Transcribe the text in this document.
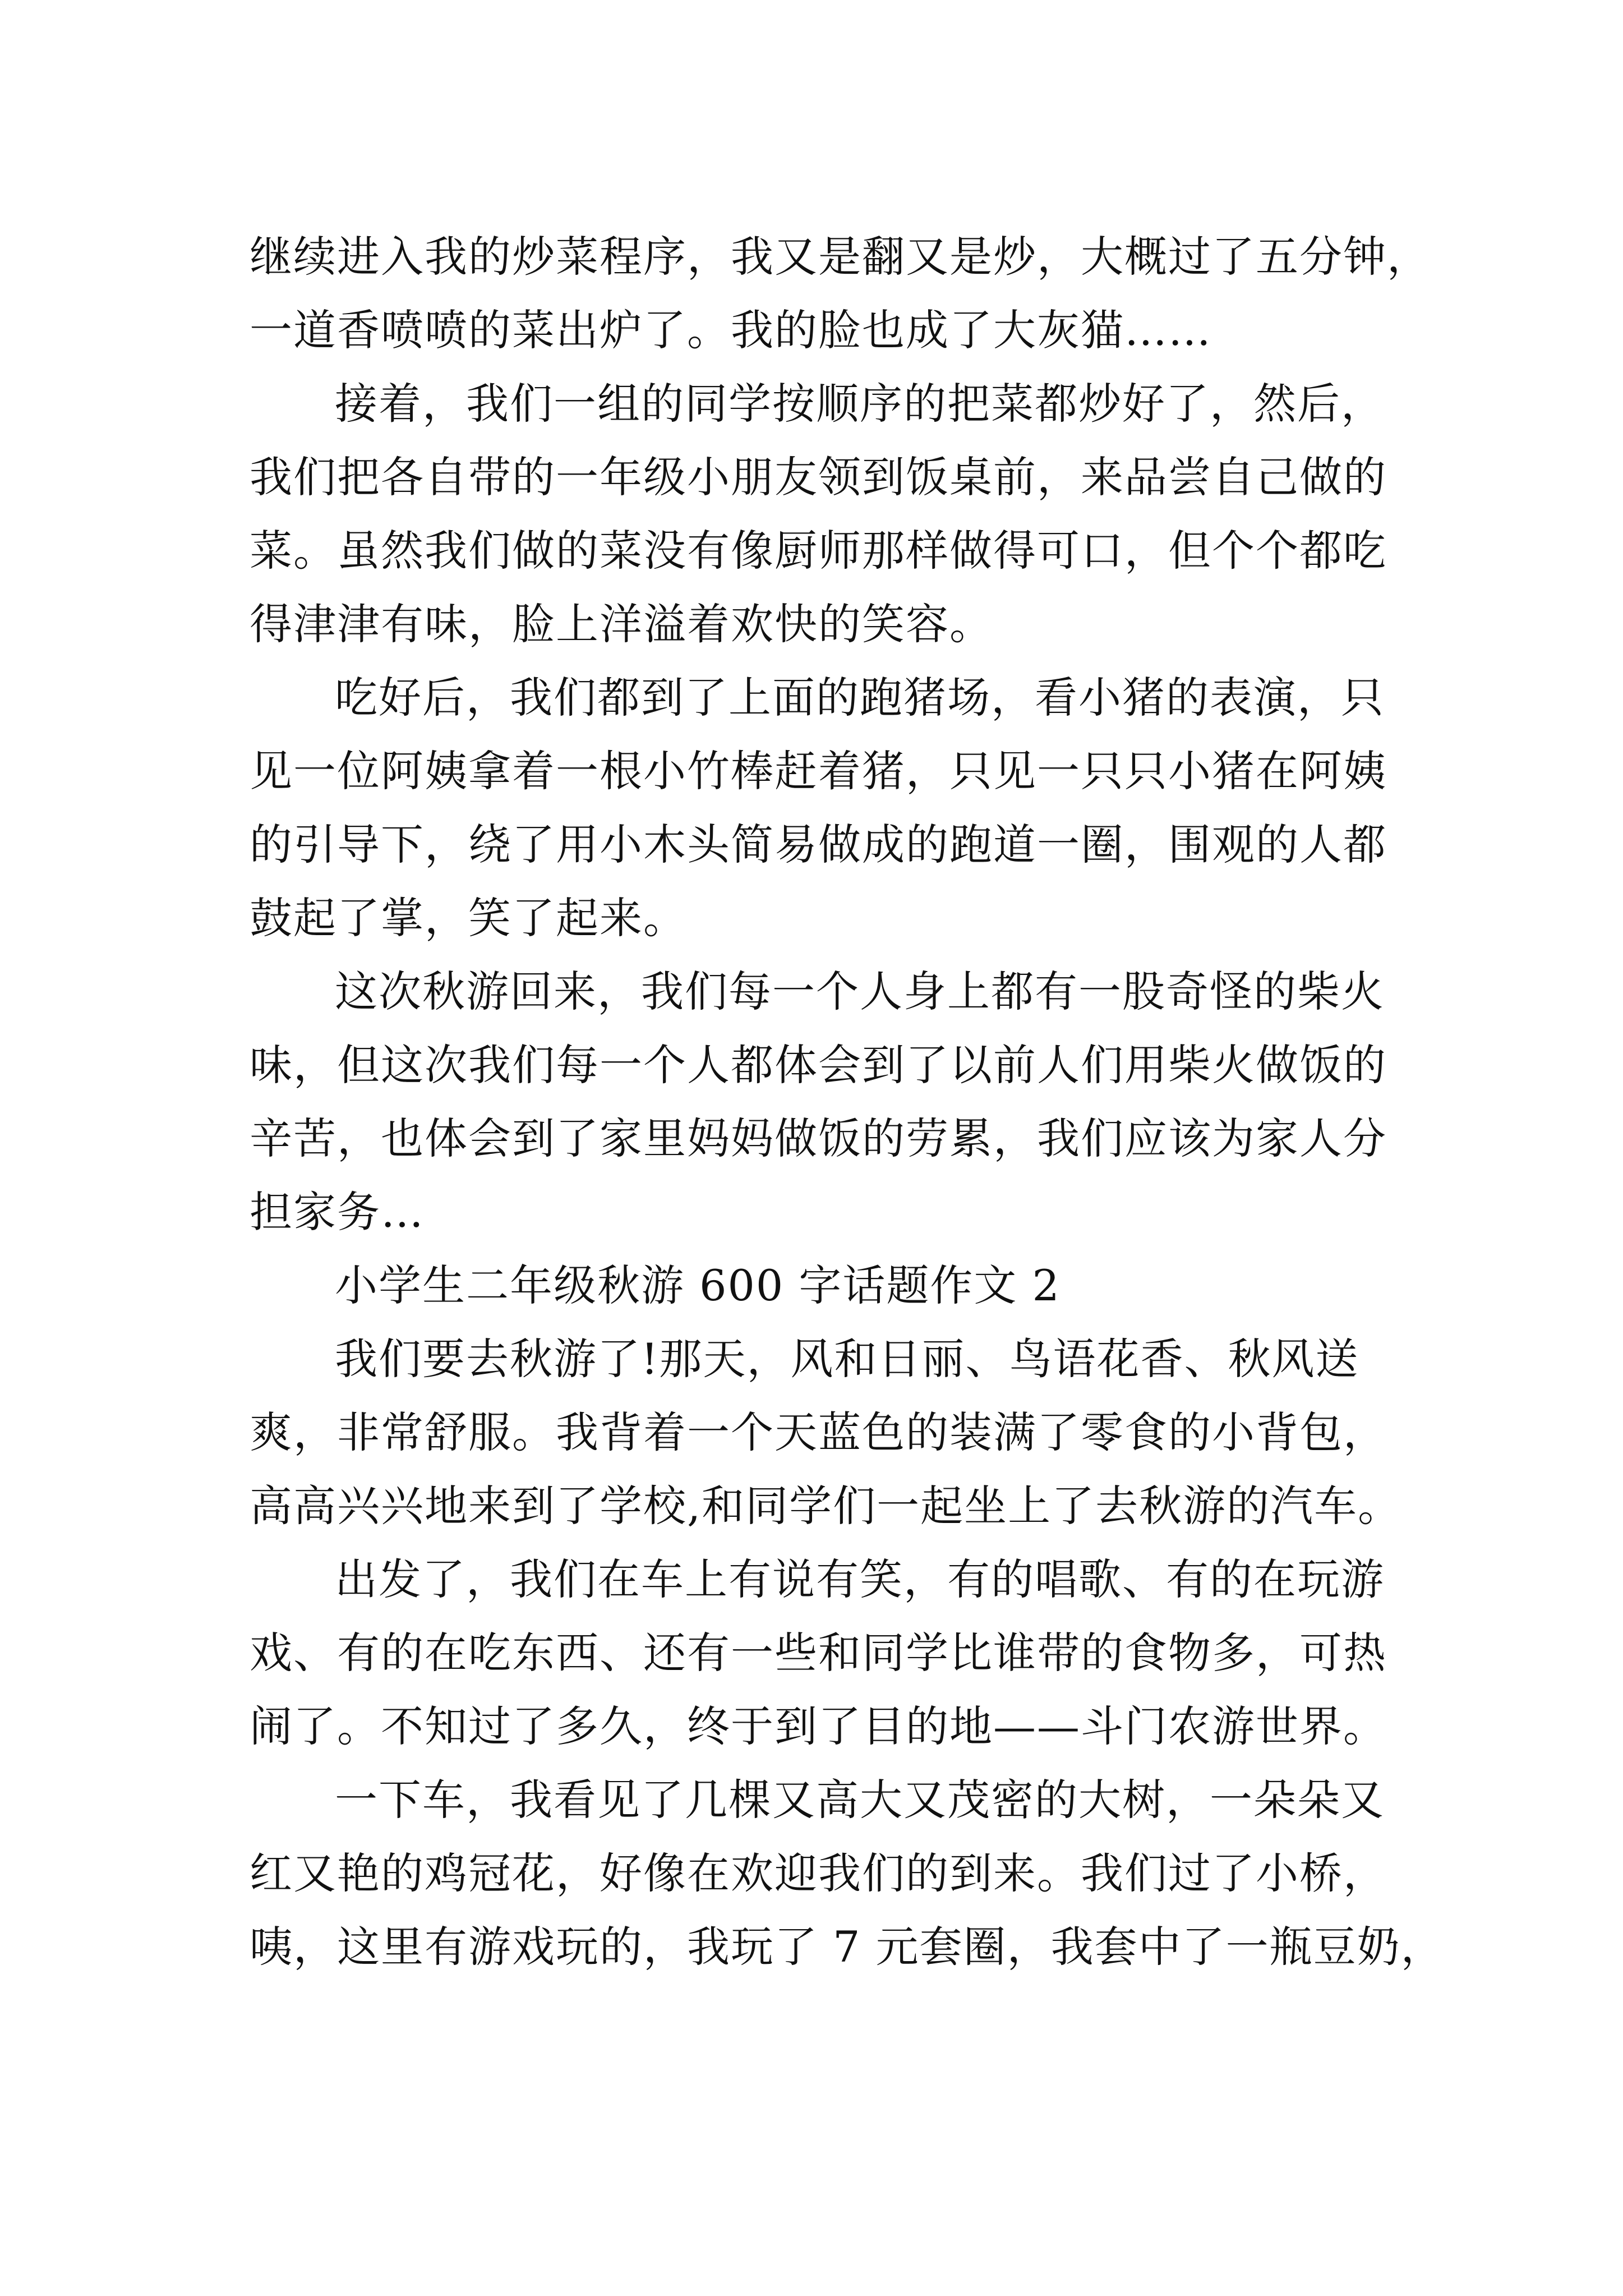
继续进入我的炒菜程序，我又是翻又是炒，大概过了五分钟，
一道香喷喷的菜出炉了。我的脸也成了大灰猫……
接着，我们一组的同学按顺序的把菜都炒好了，然后，
我们把各自带的一年级小朋友领到饭桌前，来品尝自己做的
菜。虽然我们做的菜没有像厨师那样做得可口，但个个都吃
得津津有味，脸上洋溢着欢快的笑容。
吃好后，我们都到了上面的跑猪场，看小猪的表演，只
见一位阿姨拿着一根小竹棒赶着猪，只见一只只小猪在阿姨
的引导下，绕了用小木头简易做成的跑道一圈，围观的人都
鼓起了掌，笑了起来。
这次秋游回来，我们每一个人身上都有一股奇怪的柴火
味，但这次我们每一个人都体会到了以前人们用柴火做饭的
辛苦，也体会到了家里妈妈做饭的劳累，我们应该为家人分
担家务…
小学生二年级秋游 600 字话题作文 2
我们要去秋游了!那天，风和日丽、鸟语花香、秋风送
爽，非常舒服。我背着一个天蓝色的装满了零食的小背包，
高高兴兴地来到了学校,和同学们一起坐上了去秋游的汽车。
出发了，我们在车上有说有笑，有的唱歌、有的在玩游
戏、有的在吃东西、还有一些和同学比谁带的食物多，可热
闹了。不知过了多久，终于到了目的地——斗门农游世界。
一下车，我看见了几棵又高大又茂密的大树，一朵朵又
红又艳的鸡冠花，好像在欢迎我们的到来。我们过了小桥，
咦，这里有游戏玩的，我玩了 7 元套圈，我套中了一瓶豆奶，
